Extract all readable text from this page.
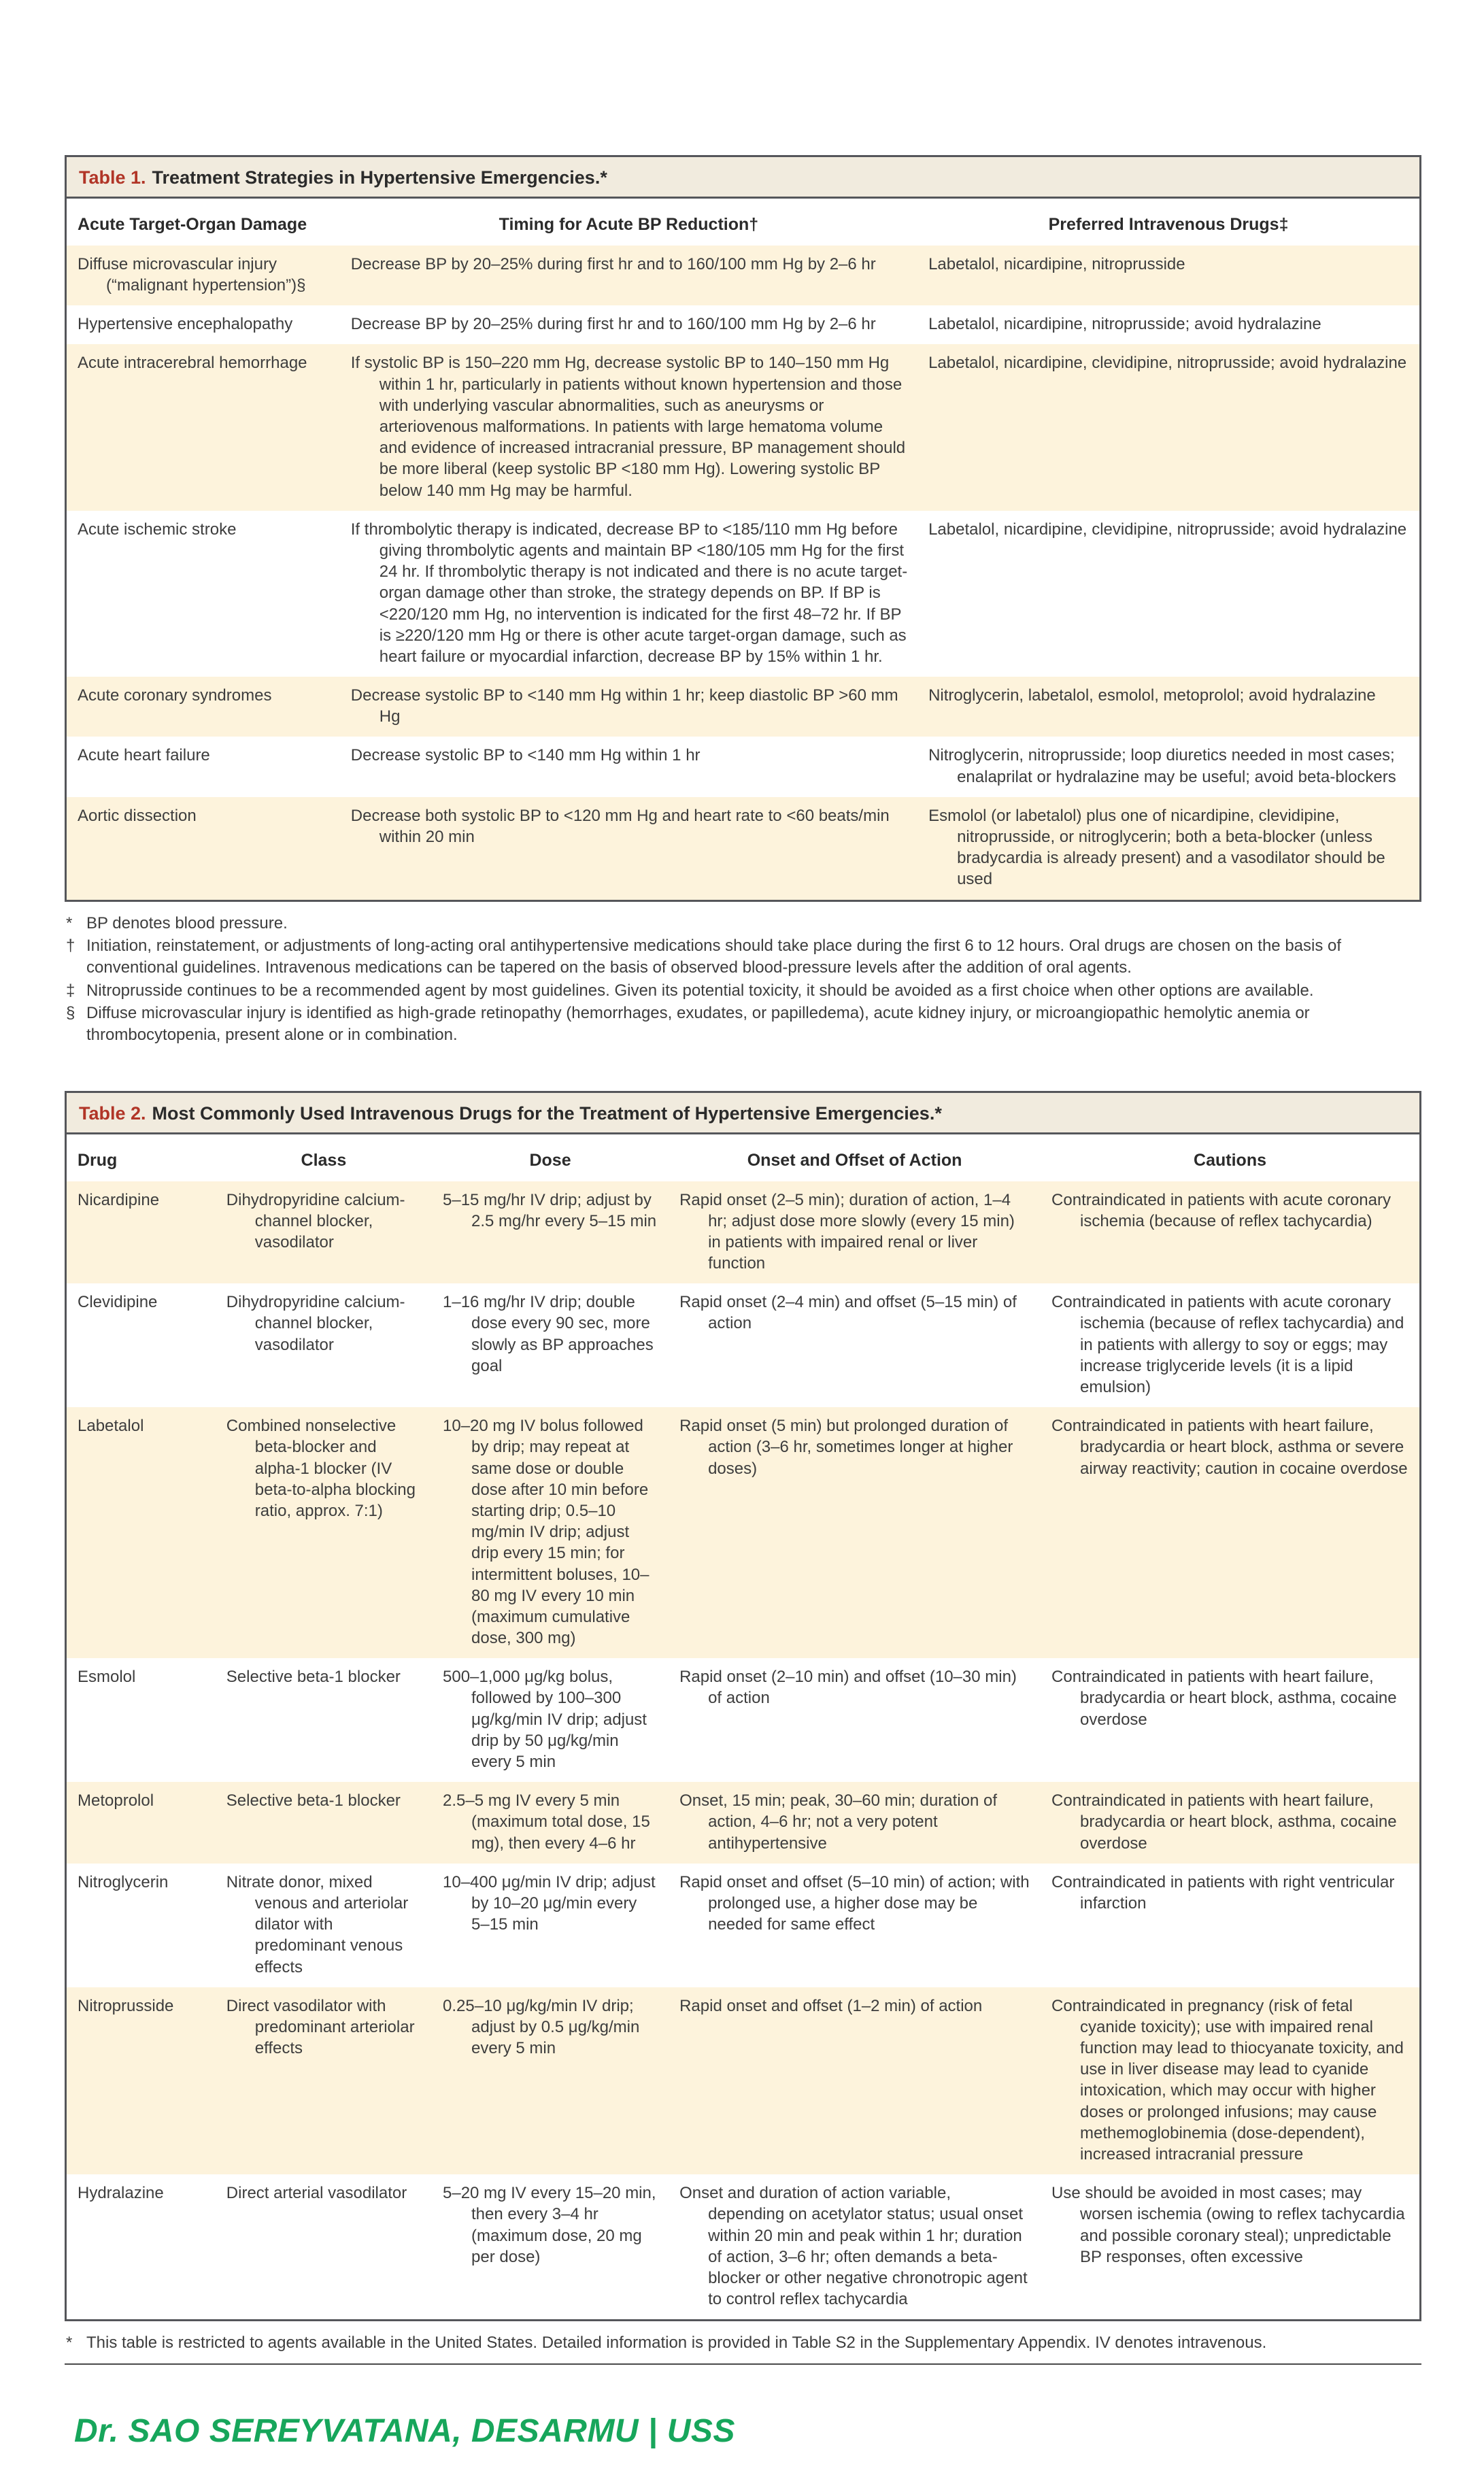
Table 1. Treatment Strategies in Hypertensive Emergencies.*
Acute Target-Organ Damage	Timing for Acute BP Reduction†	Preferred Intravenous Drugs‡

Diffuse microvascular injury (“malignant hypertension”)§	Decrease BP by 20–25% during first hr and to 160/100 mm Hg by 2–6 hr	Labetalol, nicardipine, nitroprusside

Hypertensive encephalopathy	Decrease BP by 20–25% during first hr and to 160/100 mm Hg by 2–6 hr	Labetalol, nicardipine, nitroprusside; avoid hydralazine

Acute intracerebral hemorrhage	If systolic BP is 150–220 mm Hg, decrease systolic BP to 140–150 mm Hg within 1 hr, particularly in patients without known hypertension and those with underlying vascular abnormalities, such as aneurysms or arteriovenous malformations. In patients with large hematoma volume and evidence of increased intracranial pressure, BP management should be more liberal (keep systolic BP <180 mm Hg). Lowering systolic BP below 140 mm Hg may be harmful.	Labetalol, nicardipine, clevidipine, nitroprusside; avoid hydralazine

Acute ischemic stroke	If thrombolytic therapy is indicated, decrease BP to <185/110 mm Hg before giving thrombolytic agents and maintain BP <180/105 mm Hg for the first 24 hr. If thrombolytic therapy is not indicated and there is no acute target-organ damage other than stroke, the strategy depends on BP. If BP is <220/120 mm Hg, no intervention is indicated for the first 48–72 hr. If BP is ≥220/120 mm Hg or there is other acute target-organ damage, such as heart failure or myocardial infarction, decrease BP by 15% within 1 hr.	Labetalol, nicardipine, clevidipine, nitroprusside; avoid hydralazine

Acute coronary syndromes	Decrease systolic BP to <140 mm Hg within 1 hr; keep diastolic BP >60 mm Hg	Nitroglycerin, labetalol, esmolol, metoprolol; avoid hydralazine

Acute heart failure	Decrease systolic BP to <140 mm Hg within 1 hr	Nitroglycerin, nitroprusside; loop diuretics needed in most cases; enalaprilat or hydralazine may be useful; avoid beta-blockers

Aortic dissection	Decrease both systolic BP to <120 mm Hg and heart rate to <60 beats/min within 20 min	Esmolol (or labetalol) plus one of nicardipine, clevidipine, nitroprusside, or nitroglycerin; both a beta-blocker (unless bradycardia is already present) and a vasodilator should be used
* BP denotes blood pressure.
† Initiation, reinstatement, or adjustments of long-acting oral antihypertensive medications should take place during the first 6 to 12 hours. Oral drugs are chosen on the basis of conventional guidelines. Intravenous medications can be tapered on the basis of observed blood-pressure levels after the addition of oral agents.
‡ Nitroprusside continues to be a recommended agent by most guidelines. Given its potential toxicity, it should be avoided as a first choice when other options are available.
§ Diffuse microvascular injury is identified as high-grade retinopathy (hemorrhages, exudates, or papilledema), acute kidney injury, or microangiopathic hemolytic anemia or thrombocytopenia, present alone or in combination.
Table 2. Most Commonly Used Intravenous Drugs for the Treatment of Hypertensive Emergencies.*
Drug	Class	Dose	Onset and Offset of Action	Cautions

Nicardipine	Dihydropyridine calcium-channel blocker, vasodilator	5–15 mg/hr IV drip; adjust by 2.5 mg/hr every 5–15 min	Rapid onset (2–5 min); duration of action, 1–4 hr; adjust dose more slowly (every 15 min) in patients with impaired renal or liver function	Contraindicated in patients with acute coronary ischemia (because of reflex tachycardia)

Clevidipine	Dihydropyridine calcium-channel blocker, vasodilator	1–16 mg/hr IV drip; double dose every 90 sec, more slowly as BP approaches goal	Rapid onset (2–4 min) and offset (5–15 min) of action	Contraindicated in patients with acute coronary ischemia (because of reflex tachycardia) and in patients with allergy to soy or eggs; may increase triglyceride levels (it is a lipid emulsion)

Labetalol	Combined nonselective beta-blocker and alpha-1 blocker (IV beta-to-alpha blocking ratio, approx. 7:1)	10–20 mg IV bolus followed by drip; may repeat at same dose or double dose after 10 min before starting drip; 0.5–10 mg/min IV drip; adjust drip every 15 min; for intermittent boluses, 10–80 mg IV every 10 min (maximum cumulative dose, 300 mg)	Rapid onset (5 min) but prolonged duration of action (3–6 hr, sometimes longer at higher doses)	Contraindicated in patients with heart failure, bradycardia or heart block, asthma or severe airway reactivity; caution in cocaine overdose

Esmolol	Selective beta-1 blocker	500–1,000 μg/kg bolus, followed by 100–300 μg/kg/min IV drip; adjust drip by 50 μg/kg/min every 5 min	Rapid onset (2–10 min) and offset (10–30 min) of action	Contraindicated in patients with heart failure, bradycardia or heart block, asthma, cocaine overdose

Metoprolol	Selective beta-1 blocker	2.5–5 mg IV every 5 min (maximum total dose, 15 mg), then every 4–6 hr	Onset, 15 min; peak, 30–60 min; duration of action, 4–6 hr; not a very potent antihypertensive	Contraindicated in patients with heart failure, bradycardia or heart block, asthma, cocaine overdose

Nitroglycerin	Nitrate donor, mixed venous and arteriolar dilator with predominant venous effects	10–400 μg/min IV drip; adjust by 10–20 μg/min every 5–15 min	Rapid onset and offset (5–10 min) of action; with prolonged use, a higher dose may be needed for same effect	Contraindicated in patients with right ventricular infarction

Nitroprusside	Direct vasodilator with predominant arteriolar effects	0.25–10 μg/kg/min IV drip; adjust by 0.5 μg/kg/min every 5 min	Rapid onset and offset (1–2 min) of action	Contraindicated in pregnancy (risk of fetal cyanide toxicity); use with impaired renal function may lead to thiocyanate toxicity, and use in liver disease may lead to cyanide intoxication, which may occur with higher doses or prolonged infusions; may cause methemoglobinemia (dose-dependent), increased intracranial pressure

Hydralazine	Direct arterial vasodilator	5–20 mg IV every 15–20 min, then every 3–4 hr (maximum dose, 20 mg per dose)	Onset and duration of action variable, depending on acetylator status; usual onset within 20 min and peak within 1 hr; duration of action, 3–6 hr; often demands a beta-blocker or other negative chronotropic agent to control reflex tachycardia	Use should be avoided in most cases; may worsen ischemia (owing to reflex tachycardia and possible coronary steal); unpredictable BP responses, often excessive
* This table is restricted to agents available in the United States. Detailed information is provided in Table S2 in the Supplementary Appendix. IV denotes intravenous.
Dr. SAO SEREYVATANA, DESARMU | USS
